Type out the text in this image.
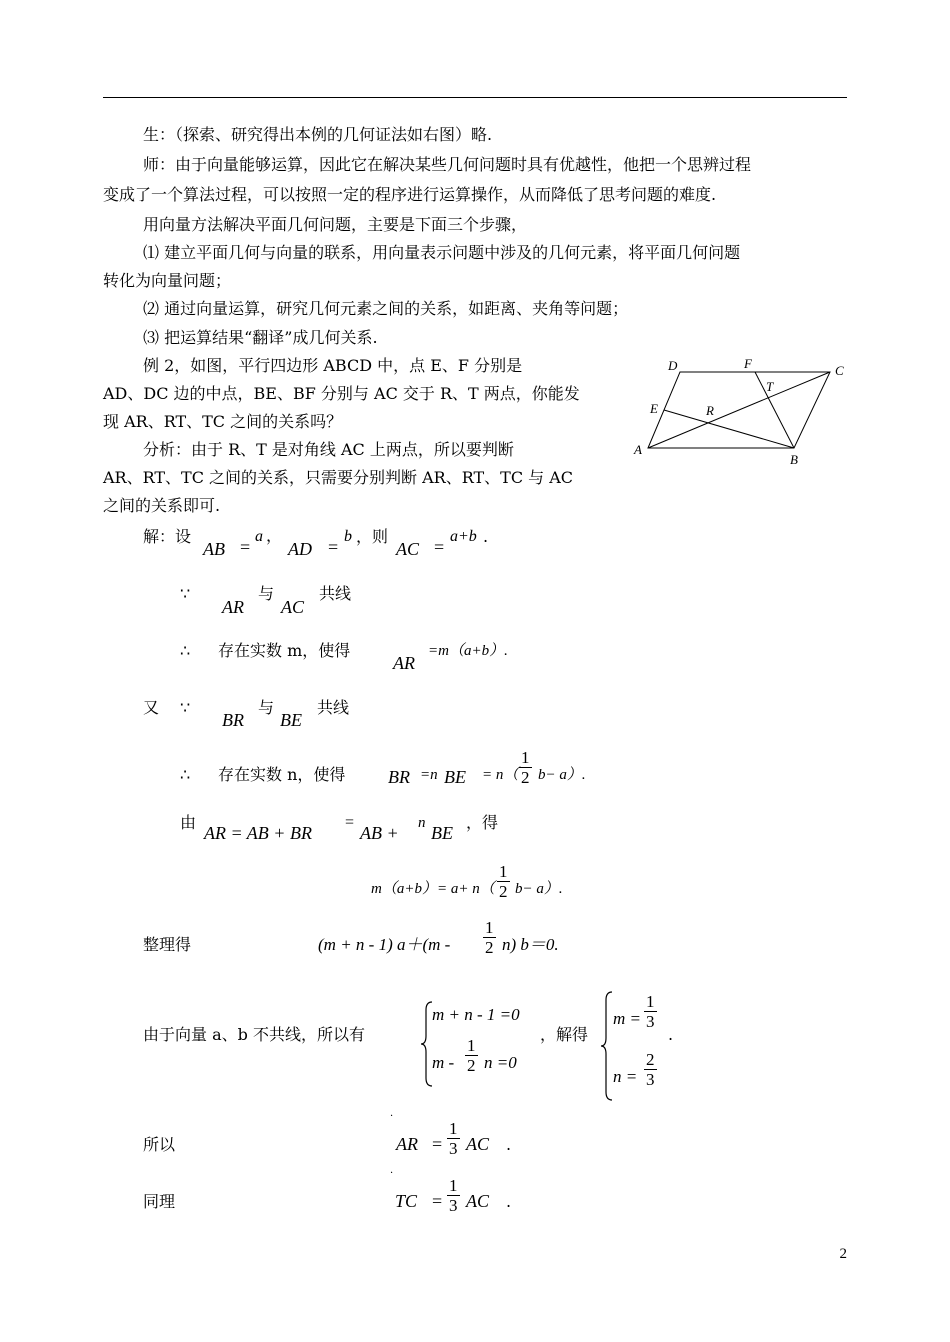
生：（探索、研究得出本例的几何证法如右图）略.
师：由于向量能够运算，因此它在解决某些几何问题时具有优越性，他把一个思辨过程
变成了一个算法过程，可以按照一定的程序进行运算操作，从而降低了思考问题的难度.
用向量方法解决平面几何问题，主要是下面三个步骤，
⑴ 建立平面几何与向量的联系，用向量表示问题中涉及的几何元素，将平面几何问题
转化为向量问题；
⑵ 通过向量运算，研究几何元素之间的关系，如距离、夹角等问题；
⑶ 把运算结果“翻译”成几何关系.
例 2，如图，平行四边形 ABCD 中，点 E、F 分别是
AD、DC 边的中点，BE、BF 分别与 AC 交于 R、T 两点，你能发
现 AR、RT、TC 之间的关系吗？
分析：由于 R、T 是对角线 AC 上两点，所以要判断
AR、RT、TC 之间的关系，只需要分别判断 AR、RT、TC 与 AC
之间的关系即可.
D	F	C
T
E	R
A
B
解：设
AB =
a ，
AD =
b ，则
AC =
a+b .
∵
AR
与
AC
共线
∴ 存在实数 m，使得
AR
=m（a+b）.
又 ∵
BR
与
BE
共线
∴ 存在实数 n，使得 BR =n BE = $n( \frac{1}{2} b- a)$.
由
AR = AB + BR
=
AB + n BE
，得
$m(a+b)= a+ n( \frac{1}{2} b- a)$.
整理得	(m + n - 1) $a+(m - \frac{1}{2} n)$ b＝0.
由于向量 a、b 不共线，所以有
m + n - 1 =0
m - $\frac{1}{2}$ n =0
，解得
$m = \frac{1}{3}$
.
$n = \frac{2}{3}$
所以
·
AR = $\frac{1}{3}$ AC .
同理
·
TC = $\frac{1}{3}$ AC .
2
